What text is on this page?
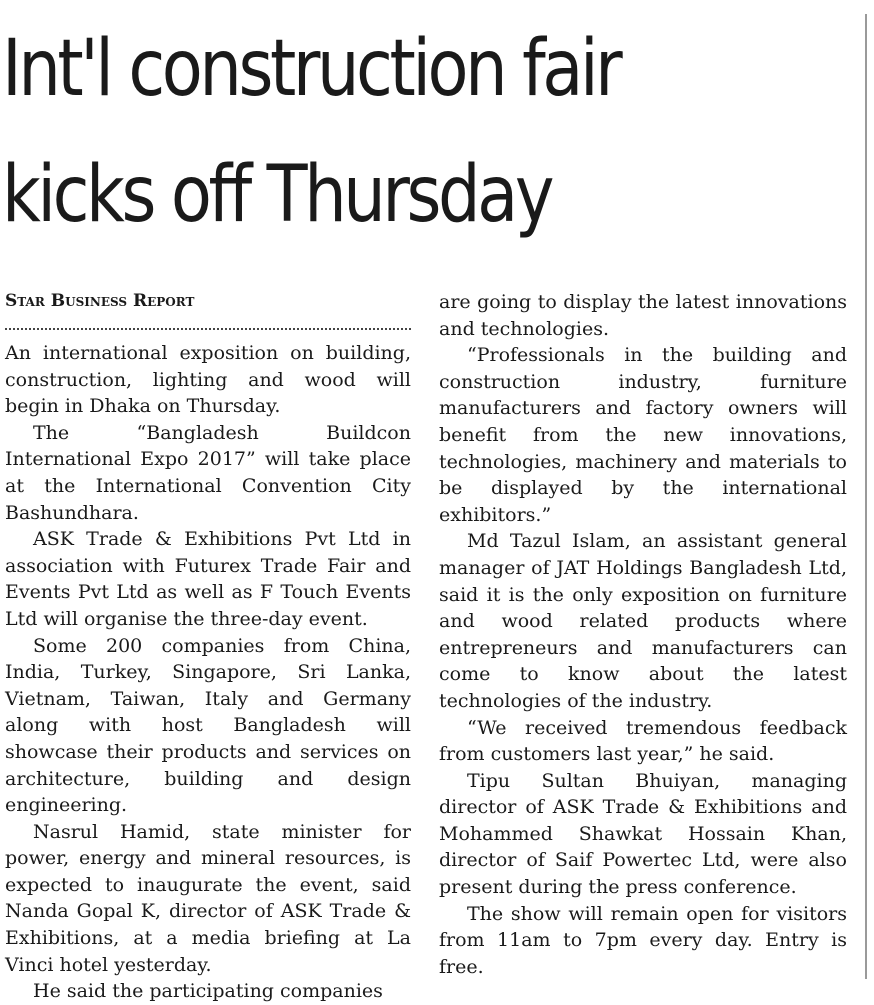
Int'l construction fair
kicks off Thursday

Star Business Report

An international exposition on building, construction, lighting and wood will begin in Dhaka on Thursday.

The “Bangladesh Buildcon International Expo 2017” will take place at the International Convention City Bashundhara.

ASK Trade & Exhibitions Pvt Ltd in association with Futurex Trade Fair and Events Pvt Ltd as well as F Touch Events Ltd will organise the three-day event.

Some 200 companies from China, India, Turkey, Singapore, Sri Lanka, Vietnam, Taiwan, Italy and Germany along with host Bangladesh will showcase their products and services on architecture, building and design engineering.

Nasrul Hamid, state minister for power, energy and mineral resources, is expected to inaugurate the event, said Nanda Gopal K, director of ASK Trade & Exhibitions, at a media briefing at La Vinci hotel yesterday.

He said the participating companies

are going to display the latest innovations and technologies.

“Professionals in the building and construction industry, furniture manufacturers and factory owners will benefit from the new innovations, technologies, machinery and materials to be displayed by the international exhibitors.”

Md Tazul Islam, an assistant general manager of JAT Holdings Bangladesh Ltd, said it is the only exposition on furniture and wood related products where entrepreneurs and manufacturers can come to know about the latest technologies of the industry.

“We received tremendous feedback from customers last year,” he said.

Tipu Sultan Bhuiyan, managing director of ASK Trade & Exhibitions and Mohammed Shawkat Hossain Khan, director of Saif Powertec Ltd, were also present during the press conference.

The show will remain open for visitors from 11am to 7pm every day. Entry is free.
